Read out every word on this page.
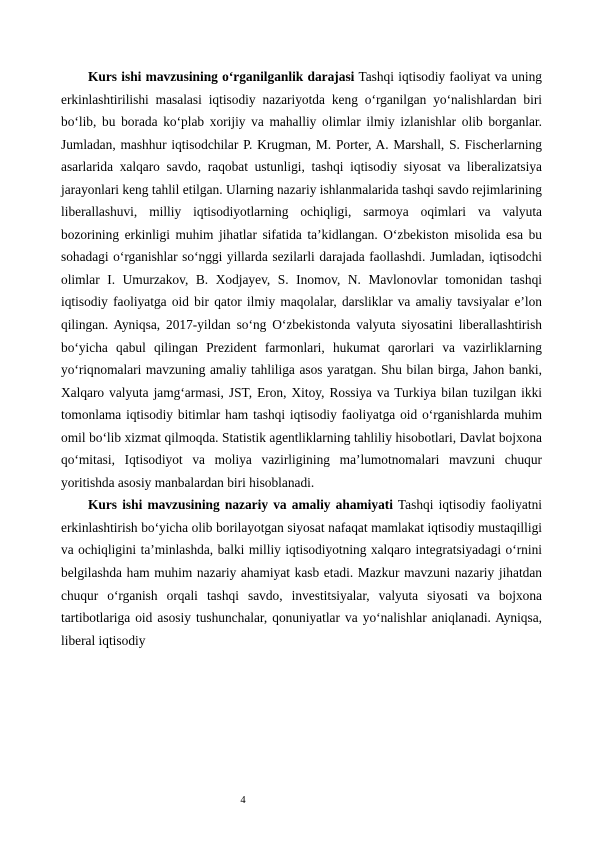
Kurs ishi mavzusining o‘rganilganlik darajasi Tashqi iqtisodiy faoliyat va uning erkinlashtirilishi masalasi iqtisodiy nazariyotda keng o‘rganilgan yo‘nalishlardan biri bo‘lib, bu borada ko‘plab xorijiy va mahalliy olimlar ilmiy izlanishlar olib borganlar. Jumladan, mashhur iqtisodchilar P. Krugman, M. Porter, A. Marshall, S. Fischerlarning asarlarida xalqaro savdo, raqobat ustunligi, tashqi iqtisodiy siyosat va liberalizatsiya jarayonlari keng tahlil etilgan. Ularning nazariy ishlanmalarida tashqi savdo rejimlarining liberallashuvi, milliy iqtisodiyotlarning ochiqligi, sarmoya oqimlari va valyuta bozorining erkinligi muhim jihatlar sifatida ta’kidlangan. O‘zbekiston misolida esa bu sohadagi o‘rganishlar so‘nggi yillarda sezilarli darajada faollashdi. Jumladan, iqtisodchi olimlar I. Umurzakov, B. Xodjayev, S. Inomov, N. Mavlonovlar tomonidan tashqi iqtisodiy faoliyatga oid bir qator ilmiy maqolalar, darsliklar va amaliy tavsiyalar e’lon qilingan. Ayniqsa, 2017-yildan so‘ng O‘zbekistonda valyuta siyosatini liberallashtirish bo‘yicha qabul qilingan Prezident farmonlari, hukumat qarorlari va vazirliklarning yo‘riqnomalari mavzuning amaliy tahliliga asos yaratgan. Shu bilan birga, Jahon banki, Xalqaro valyuta jamg‘armasi, JST, Eron, Xitoy, Rossiya va Turkiya bilan tuzilgan ikki tomonlama iqtisodiy bitimlar ham tashqi iqtisodiy faoliyatga oid o‘rganishlarda muhim omil bo‘lib xizmat qilmoqda. Statistik agentliklarning tahliliy hisobotlari, Davlat bojxona qo‘mitasi, Iqtisodiyot va moliya vazirligining ma’lumotnomalari mavzuni chuqur yoritishda asosiy manbalardan biri hisoblanadi.

Kurs ishi mavzusining nazariy va amaliy ahamiyati Tashqi iqtisodiy faoliyatni erkinlashtirish bo‘yicha olib borilayotgan siyosat nafaqat mamlakat iqtisodiy mustaqilligi va ochiqligini ta’minlashda, balki milliy iqtisodiyotning xalqaro integratsiyadagi o‘rnini belgilashda ham muhim nazariy ahamiyat kasb etadi. Mazkur mavzuni nazariy jihatdan chuqur o‘rganish orqali tashqi savdo, investitsiyalar, valyuta siyosati va bojxona tartibotlariga oid asosiy tushunchalar, qonuniyatlar va yo‘nalishlar aniqlanadi. Ayniqsa, liberal iqtisodiy

4
